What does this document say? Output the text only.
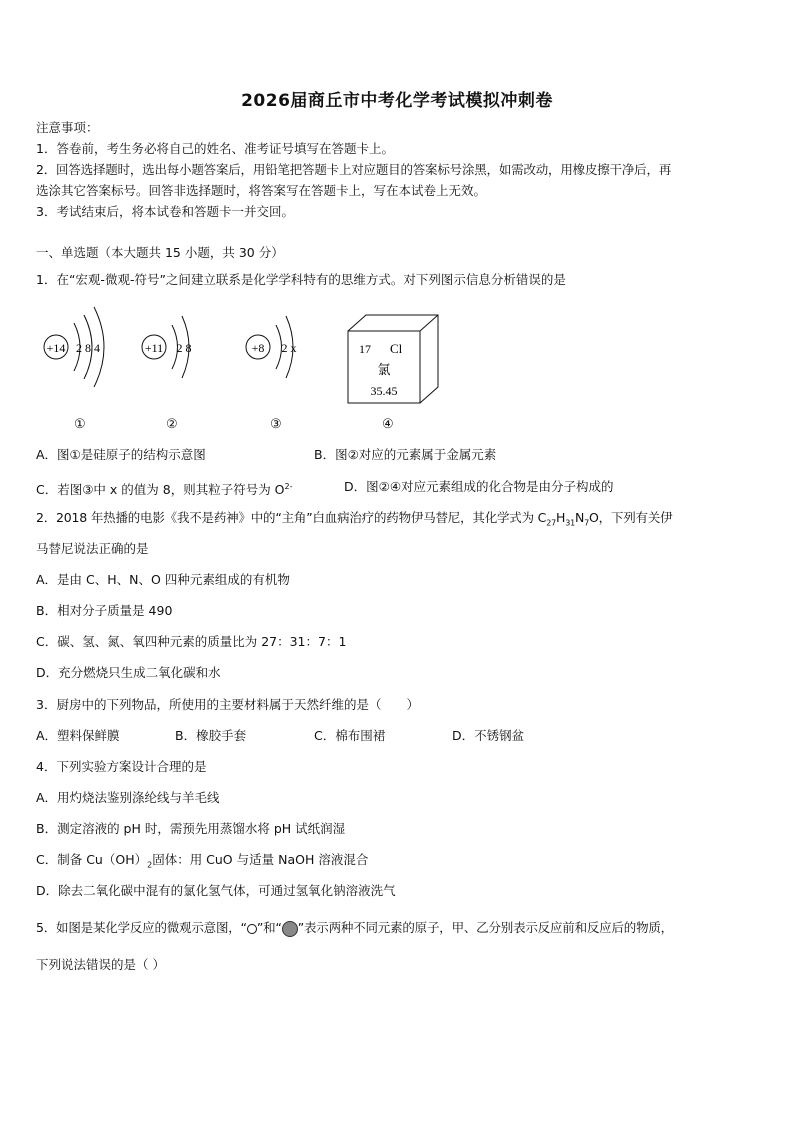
2026届商丘市中考化学考试模拟冲刺卷
注意事项：
1．答卷前，考生务必将自己的姓名、准考证号填写在答题卡上。
2．回答选择题时，选出每小题答案后，用铅笔把答题卡上对应题目的答案标号涂黑，如需改动，用橡皮擦干净后，再
选涂其它答案标号。回答非选择题时，将答案写在答题卡上，写在本试卷上无效。
3．考试结束后，将本试卷和答题卡一并交回。
一、单选题（本大题共 15 小题，共 30 分）
1．在“宏观-微观-符号”之间建立联系是化学学科特有的思维方式。对下列图示信息分析错误的是
+14 2 8 4	+11 2 8	+8 2 x	17 Cl
氯
35.45
①	②	③	④
A．图①是硅原子的结构示意图	B．图②对应的元素属于金属元素
C．若图③中 x 的值为 8，则其粒子符号为 $O^{2-}$	D．图②④对应元素组成的化合物是由分子构成的
2．2018 年热播的电影《我不是药神》中的“主角”白血病治疗的药物伊马替尼，其化学式为 $C_{27}H_{31}N_7O$，下列有关伊
马替尼说法正确的是
A．是由 C、H、N、O 四种元素组成的有机物
B．相对分子质量是 490
C．碳、氢、氮、氧四种元素的质量比为 27：31：7：1
D．充分燃烧只生成二氧化碳和水
3．厨房中的下列物品，所使用的主要材料属于天然纤维的是（　　）
A．塑料保鲜膜	B．橡胶手套	C．棉布围裙	D．不锈钢盆
4．下列实验方案设计合理的是
A．用灼烧法鉴别涤纶线与羊毛线
B．测定溶液的 pH 时，需预先用蒸馏水将 pH 试纸润湿
C．制备 $Cu(OH)_2$固体：用 CuO 与适量 NaOH 溶液混合
D．除去二氧化碳中混有的氯化氢气体，可通过氢氧化钠溶液洗气
5．如图是某化学反应的微观示意图，“ ”和“ ”表示两种不同元素的原子，甲、乙分别表示反应前和反应后的物质，
下列说法错误的是（ ）
